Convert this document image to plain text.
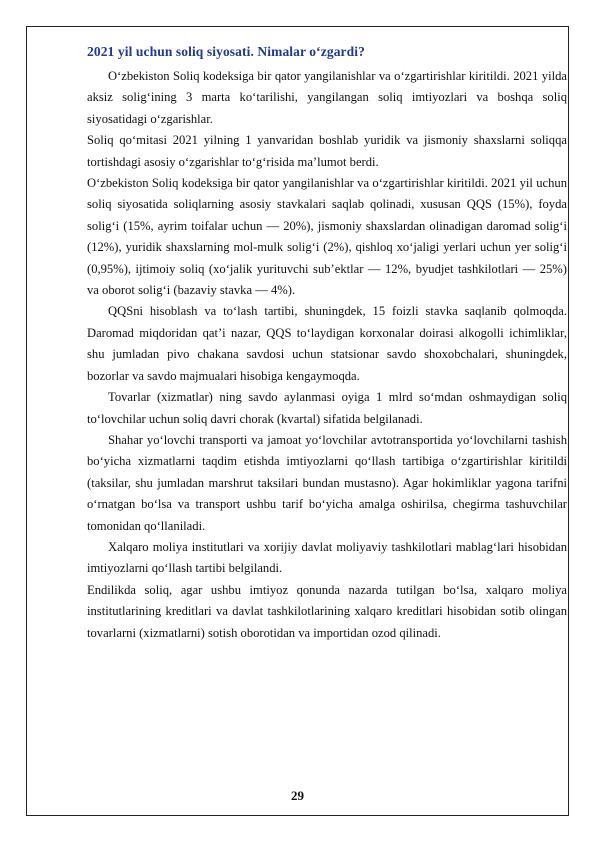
2021 yil uchun soliq siyosati. Nimalar o‘zgardi?

O‘zbekiston Soliq kodeksiga bir qator yangilanishlar va o‘zgartirishlar kiritildi. 2021 yilda aksiz solig‘ining 3 marta ko‘tarilishi, yangilangan soliq imtiyozlari va boshqa soliq siyosatidagi o‘zgarishlar.

Soliq qo‘mitasi 2021 yilning 1 yanvaridan boshlab yuridik va jismoniy shaxslarni soliqqa tortishdagi asosiy o‘zgarishlar to‘g‘risida ma’lumot berdi.

O‘zbekiston Soliq kodeksiga bir qator yangilanishlar va o‘zgartirishlar kiritildi. 2021 yil uchun soliq siyosatida soliqlarning asosiy stavkalari saqlab qolinadi, xususan QQS (15%), foyda solig‘i (15%, ayrim toifalar uchun — 20%), jismoniy shaxslardan olinadigan daromad solig‘i (12%), yuridik shaxslarning mol-mulk solig‘i (2%), qishloq xo‘jaligi yerlari uchun yer solig‘i (0,95%), ijtimoiy soliq (xo‘jalik yurituvchi sub’ektlar — 12%, byudjet tashkilotlari — 25%) va oborot solig‘i (bazaviy stavka — 4%).

QQSni hisoblash va to‘lash tartibi, shuningdek, 15 foizli stavka saqlanib qolmoqda. Daromad miqdoridan qat’i nazar, QQS to‘laydigan korxonalar doirasi alkogolli ichimliklar, shu jumladan pivo chakana savdosi uchun statsionar savdo shoxobchalari, shuningdek, bozorlar va savdo majmualari hisobiga kengaymoqda.

Tovarlar (xizmatlar) ning savdo aylanmasi oyiga 1 mlrd so‘mdan oshmaydigan soliq to‘lovchilar uchun soliq davri chorak (kvartal) sifatida belgilanadi.

Shahar yo‘lovchi transporti va jamoat yo‘lovchilar avtotransportida yo‘lovchilarni tashish bo‘yicha xizmatlarni taqdim etishda imtiyozlarni qo‘llash tartibiga o‘zgartirishlar kiritildi (taksilar, shu jumladan marshrut taksilari bundan mustasno). Agar hokimliklar yagona tarifni o‘rnatgan bo‘lsa va transport ushbu tarif bo‘yicha amalga oshirilsa, chegirma tashuvchilar tomonidan qo‘llaniladi.

Xalqaro moliya institutlari va xorijiy davlat moliyaviy tashkilotlari mablag‘lari hisobidan imtiyozlarni qo‘llash tartibi belgilandi.

Endilikda soliq, agar ushbu imtiyoz qonunda nazarda tutilgan bo‘lsa, xalqaro moliya institutlarining kreditlari va davlat tashkilotlarining xalqaro kreditlari hisobidan sotib olingan tovarlarni (xizmatlarni) sotish oborotidan va importidan ozod qilinadi.

29
